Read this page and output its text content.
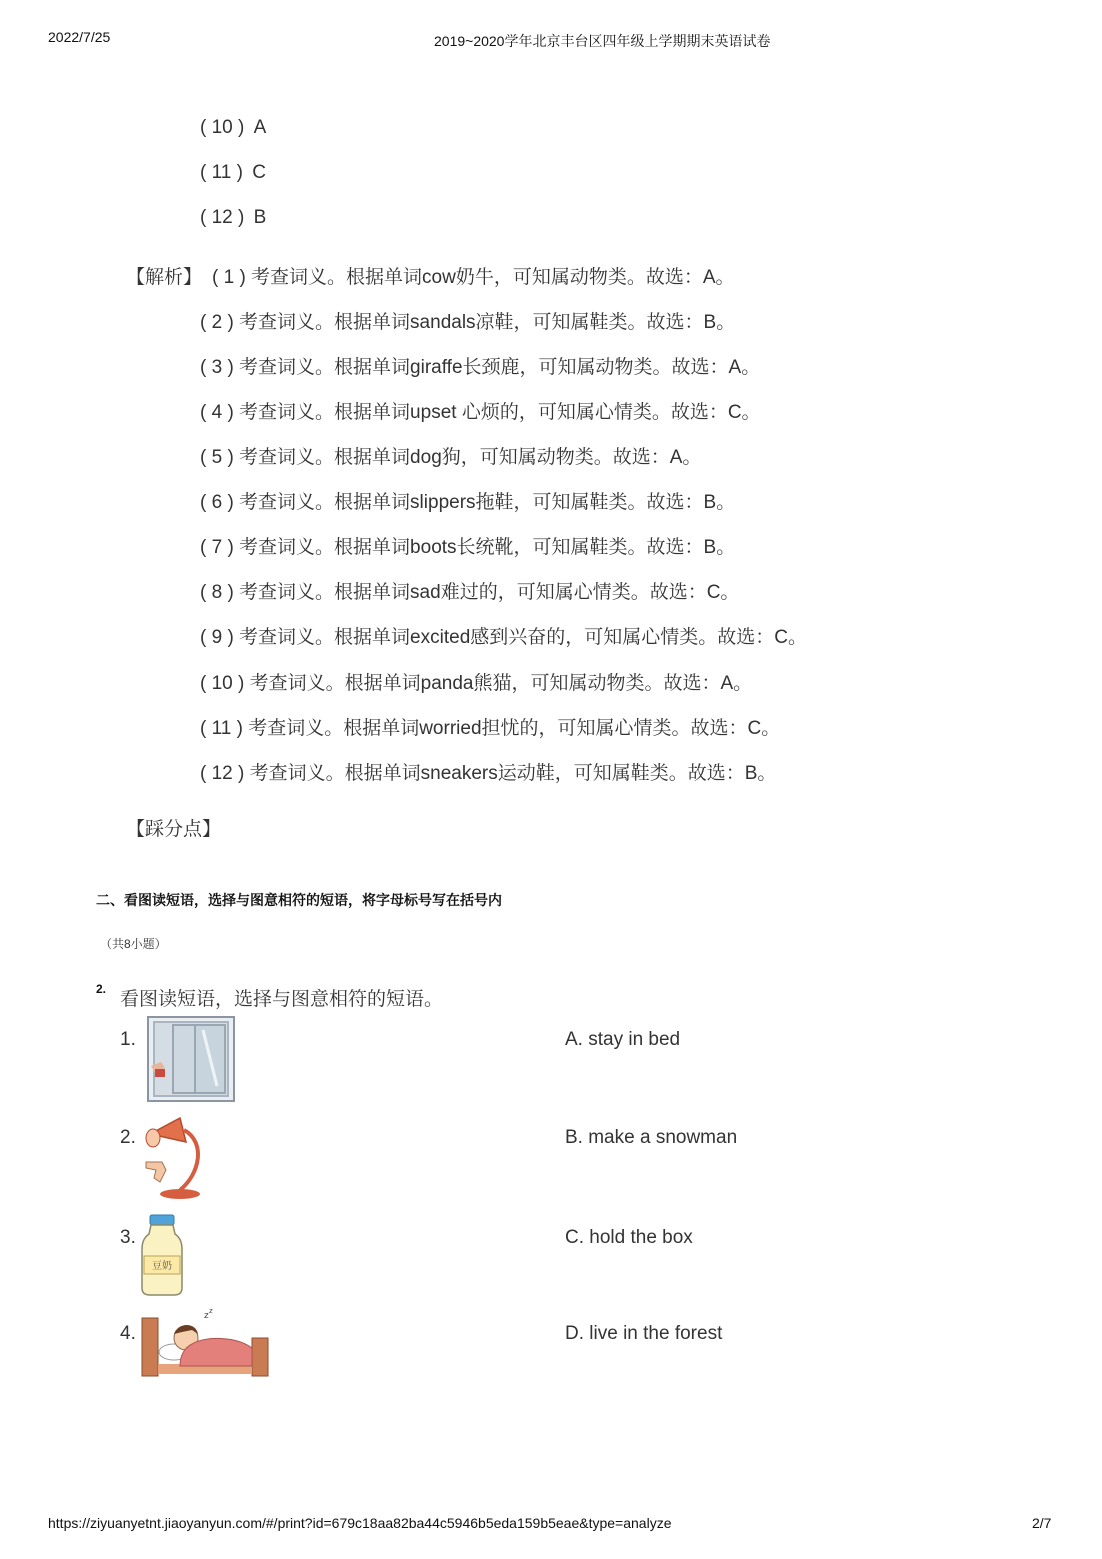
2022/7/25	2019~2020学年北京丰台区四年级上学期期末英语试卷
( 10 ) A
( 11 ) C
( 12 ) B
【解析】 ( 1 ) 考查词义。根据单词cow奶牛，可知属动物类。故选：A。
( 2 ) 考查词义。根据单词sandals凉鞋，可知属鞋类。故选：B。
( 3 ) 考查词义。根据单词giraffe长颈鹿，可知属动物类。故选：A。
( 4 ) 考查词义。根据单词upset 心烦的，可知属心情类。故选：C。
( 5 ) 考查词义。根据单词dog狗，可知属动物类。故选：A。
( 6 ) 考查词义。根据单词slippers拖鞋，可知属鞋类。故选：B。
( 7 ) 考查词义。根据单词boots长统靴，可知属鞋类。故选：B。
( 8 ) 考查词义。根据单词sad难过的，可知属心情类。故选：C。
( 9 ) 考查词义。根据单词excited感到兴奋的，可知属心情类。故选：C。
( 10 ) 考查词义。根据单词panda熊猫，可知属动物类。故选：A。
( 11 ) 考查词义。根据单词worried担忧的，可知属心情类。故选：C。
( 12 ) 考查词义。根据单词sneakers运动鞋，可知属鞋类。故选：B。
【踩分点】
二、看图读短语，选择与图意相符的短语，将字母标号写在括号内
（共8小题）
2. 看图读短语，选择与图意相符的短语。
1.
2.
3.
豆奶
4.
z z
A. stay in bed
B. make a snowman
C. hold the box
D. live in the forest
https://ziyuanyetnt.jiaoyanyun.com/#/print?id=679c18aa82ba44c5946b5eda159b5eae&type=analyze	2/7
